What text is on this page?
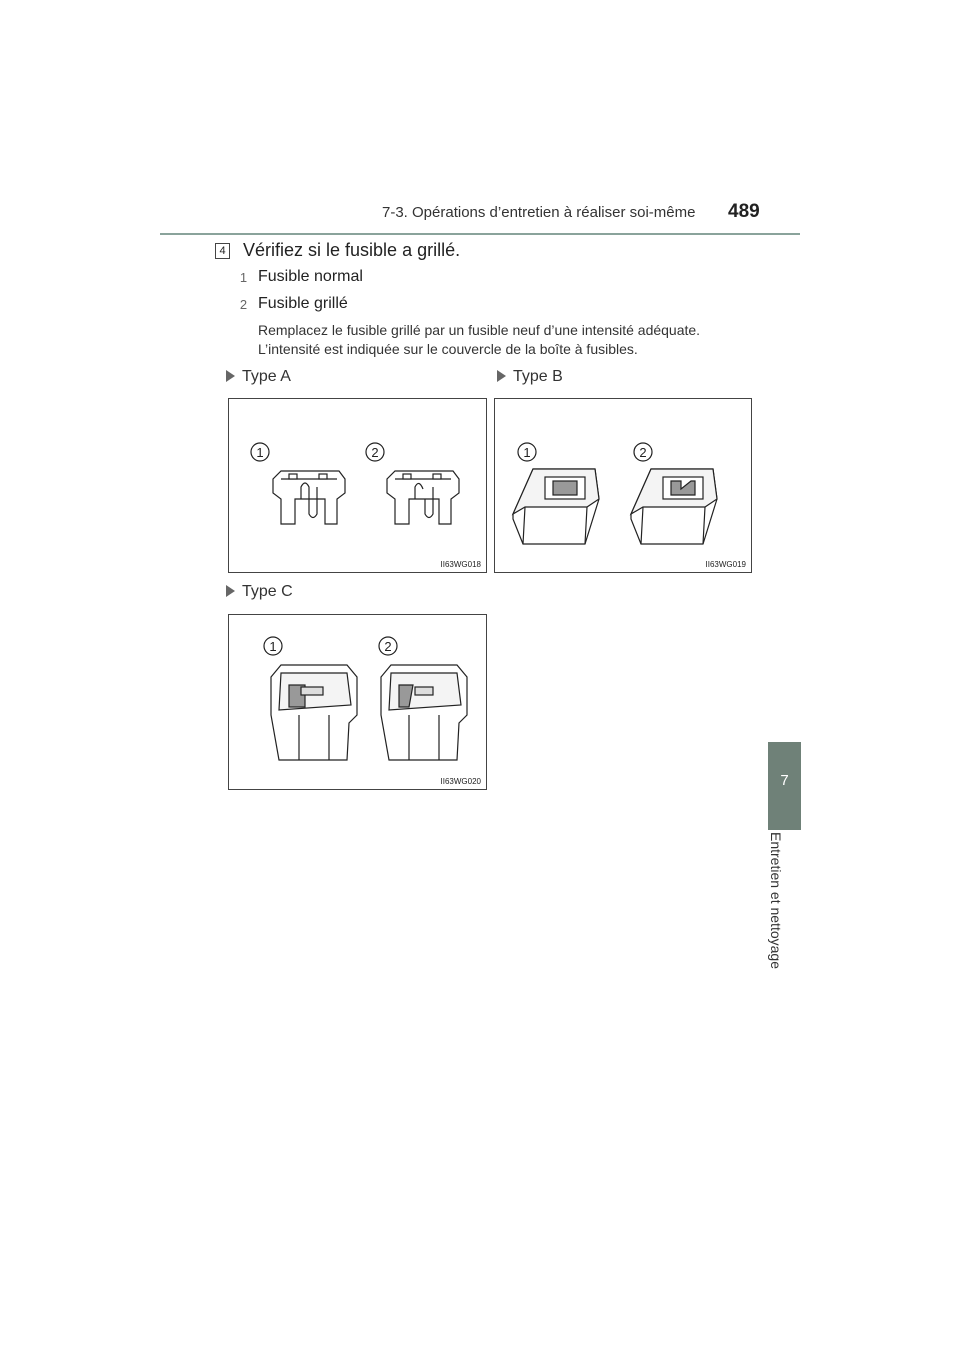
7-3. Opérations d’entretien à réaliser soi-même 489
7
Entretien et nettoyage
4 Vérifiez si le fusible a grillé.
1 Fusible normal
2 Fusible grillé
Remplacez le fusible grillé par un fusible neuf d’une intensité adéquate.
L’intensité est indiquée sur le couvercle de la boîte à fusibles.
Type A	Type B
Type C
1	2
II63WG018
1	2
II63WG019
1	2
II63WG020
